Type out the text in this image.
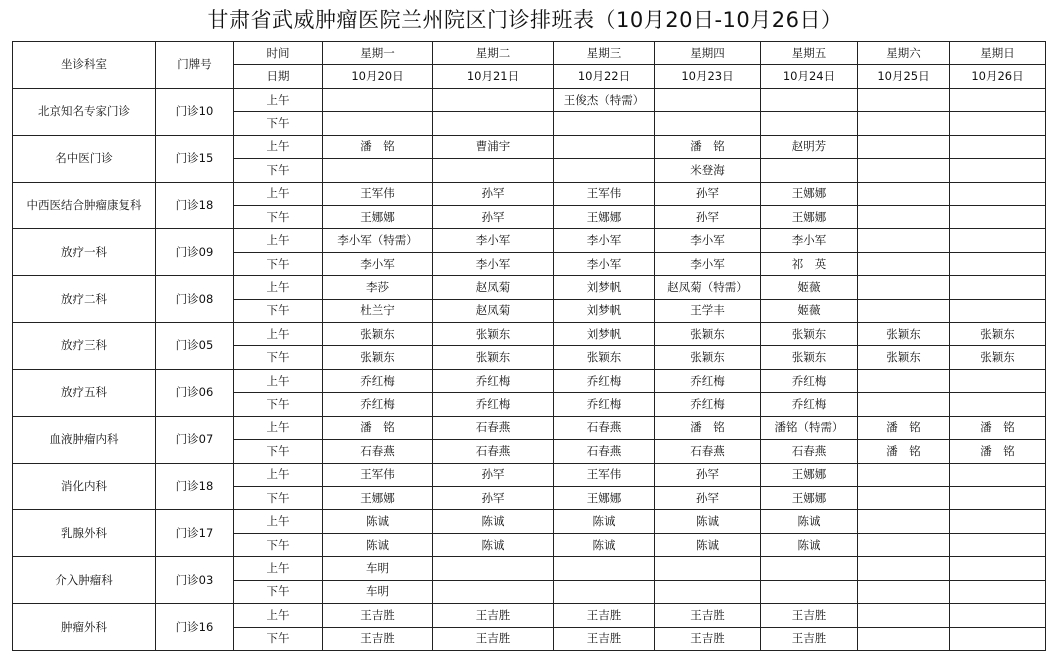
甘肃省武威肿瘤医院兰州院区门诊排班表（10月20日-10月26日）
坐诊科室	门牌号	时间	星期一	星期二	星期三	星期四	星期五	星期六	星期日
		日期	10月20日	10月21日	10月22日	10月23日	10月24日	10月25日	10月26日
北京知名专家门诊	门诊10	上午			王俊杰（特需）				
		下午							
名中医门诊	门诊15	上午	潘　铭	曹浦宇		潘　铭	赵明芳		
		下午				米登海			
中西医结合肿瘤康复科	门诊18	上午	王军伟	孙罕	王军伟	孙罕	王娜娜		
		下午	王娜娜	孙罕	王娜娜	孙罕	王娜娜		
放疗一科	门诊09	上午	李小军（特需）	李小军	李小军	李小军	李小军		
		下午	李小军	李小军	李小军	李小军	祁　英		
放疗二科	门诊08	上午	李莎	赵凤菊	刘梦帆	赵凤菊（特需）	姬薇		
		下午	杜兰宁	赵凤菊	刘梦帆	王学丰	姬薇		
放疗三科	门诊05	上午	张颖东	张颖东	刘梦帆	张颖东	张颖东	张颖东	张颖东
		下午	张颖东	张颖东	张颖东	张颖东	张颖东	张颖东	张颖东
放疗五科	门诊06	上午	乔红梅	乔红梅	乔红梅	乔红梅	乔红梅		
		下午	乔红梅	乔红梅	乔红梅	乔红梅	乔红梅		
血液肿瘤内科	门诊07	上午	潘　铭	石春燕	石春燕	潘　铭	潘铭（特需）	潘　铭	潘　铭
		下午	石春燕	石春燕	石春燕	石春燕	石春燕	潘　铭	潘　铭
消化内科	门诊18	上午	王军伟	孙罕	王军伟	孙罕	王娜娜		
		下午	王娜娜	孙罕	王娜娜	孙罕	王娜娜		
乳腺外科	门诊17	上午	陈诚	陈诚	陈诚	陈诚	陈诚		
		下午	陈诚	陈诚	陈诚	陈诚	陈诚		
介入肿瘤科	门诊03	上午	车明						
		下午	车明						
肿瘤外科	门诊16	上午	王吉胜	王吉胜	王吉胜	王吉胜	王吉胜		
		下午	王吉胜	王吉胜	王吉胜	王吉胜	王吉胜		
